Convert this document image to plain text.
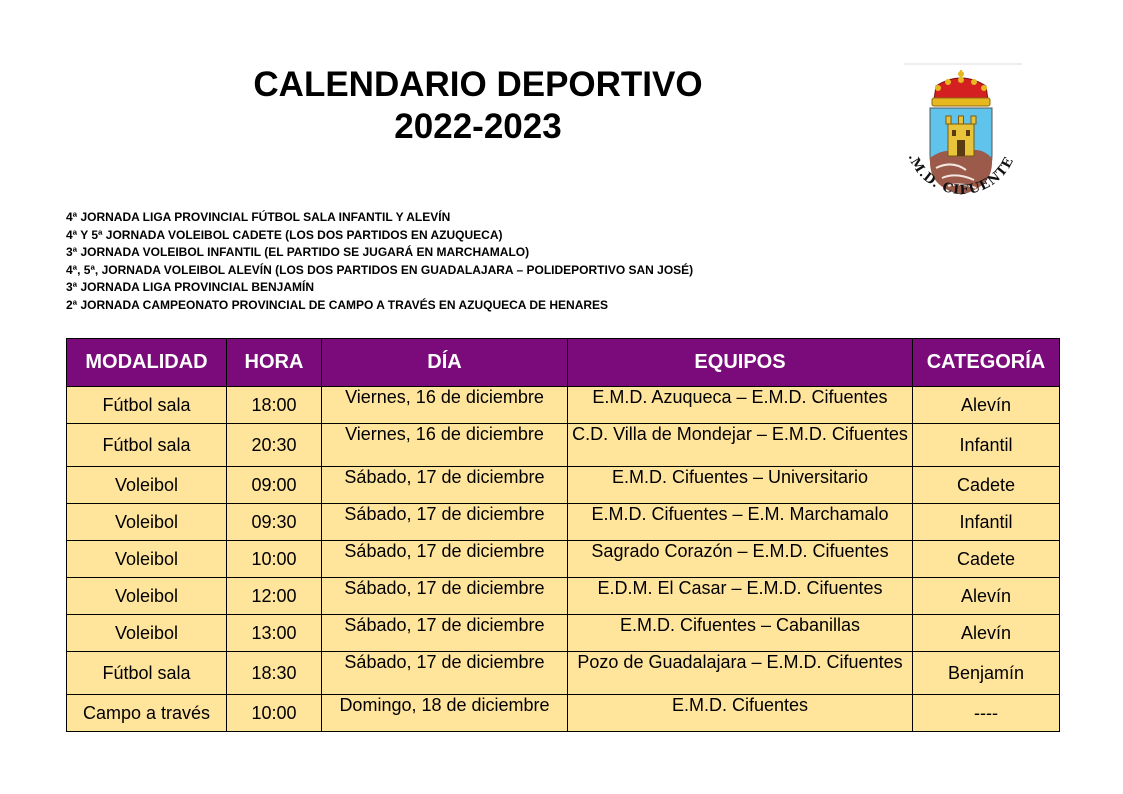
CALENDARIO DEPORTIVO
2022-2023
.M.D. CIFUENTE
4ª JORNADA LIGA PROVINCIAL FÚTBOL SALA INFANTIL Y ALEVÍN
4ª Y 5ª JORNADA VOLEIBOL CADETE (LOS DOS PARTIDOS EN AZUQUECA)
3ª JORNADA VOLEIBOL INFANTIL (EL PARTIDO SE JUGARÁ EN MARCHAMALO)
4ª, 5ª, JORNADA VOLEIBOL ALEVÍN (LOS DOS PARTIDOS EN GUADALAJARA – POLIDEPORTIVO SAN JOSÉ)
3ª JORNADA LIGA PROVINCIAL BENJAMÍN
2ª JORNADA CAMPEONATO PROVINCIAL DE CAMPO A TRAVÉS EN AZUQUECA DE HENARES
MODALIDAD	HORA	DÍA	EQUIPOS	CATEGORÍA
Fútbol sala	18:00	Viernes, 16 de diciembre	E.M.D. Azuqueca – E.M.D. Cifuentes	Alevín
Fútbol sala	20:30	Viernes, 16 de diciembre	C.D. Villa de Mondejar – E.M.D. Cifuentes	Infantil
Voleibol	09:00	Sábado, 17 de diciembre	E.M.D. Cifuentes – Universitario	Cadete
Voleibol	09:30	Sábado, 17 de diciembre	E.M.D. Cifuentes – E.M. Marchamalo	Infantil
Voleibol	10:00	Sábado, 17 de diciembre	Sagrado Corazón – E.M.D. Cifuentes	Cadete
Voleibol	12:00	Sábado, 17 de diciembre	E.D.M. El Casar – E.M.D. Cifuentes	Alevín
Voleibol	13:00	Sábado, 17 de diciembre	E.M.D. Cifuentes – Cabanillas	Alevín
Fútbol sala	18:30	Sábado, 17 de diciembre	Pozo de Guadalajara – E.M.D. Cifuentes	Benjamín
Campo a través	10:00	Domingo, 18 de diciembre	E.M.D. Cifuentes	----
